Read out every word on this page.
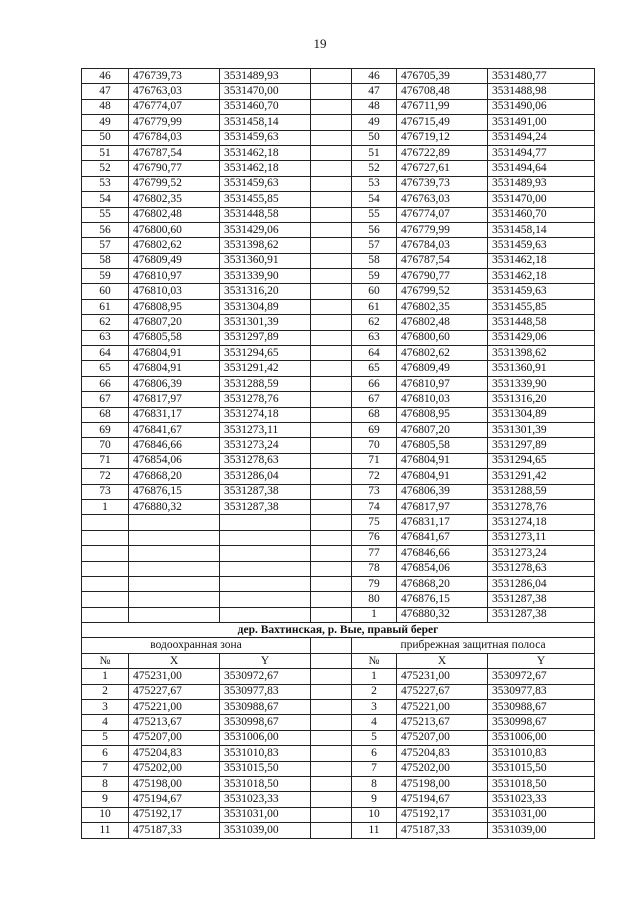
19
46	476739,73	3531489,93		46	476705,39	3531480,77
47	476763,03	3531470,00		47	476708,48	3531488,98
48	476774,07	3531460,70		48	476711,99	3531490,06
49	476779,99	3531458,14		49	476715,49	3531491,00
50	476784,03	3531459,63		50	476719,12	3531494,24
51	476787,54	3531462,18		51	476722,89	3531494,77
52	476790,77	3531462,18		52	476727,61	3531494,64
53	476799,52	3531459,63		53	476739,73	3531489,93
54	476802,35	3531455,85		54	476763,03	3531470,00
55	476802,48	3531448,58		55	476774,07	3531460,70
56	476800,60	3531429,06		56	476779,99	3531458,14
57	476802,62	3531398,62		57	476784,03	3531459,63
58	476809,49	3531360,91		58	476787,54	3531462,18
59	476810,97	3531339,90		59	476790,77	3531462,18
60	476810,03	3531316,20		60	476799,52	3531459,63
61	476808,95	3531304,89		61	476802,35	3531455,85
62	476807,20	3531301,39		62	476802,48	3531448,58
63	476805,58	3531297,89		63	476800,60	3531429,06
64	476804,91	3531294,65		64	476802,62	3531398,62
65	476804,91	3531291,42		65	476809,49	3531360,91
66	476806,39	3531288,59		66	476810,97	3531339,90
67	476817,97	3531278,76		67	476810,03	3531316,20
68	476831,17	3531274,18		68	476808,95	3531304,89
69	476841,67	3531273,11		69	476807,20	3531301,39
70	476846,66	3531273,24		70	476805,58	3531297,89
71	476854,06	3531278,63		71	476804,91	3531294,65
72	476868,20	3531286,04		72	476804,91	3531291,42
73	476876,15	3531287,38		73	476806,39	3531288,59
1	476880,32	3531287,38		74	476817,97	3531278,76
				75	476831,17	3531274,18
				76	476841,67	3531273,11
				77	476846,66	3531273,24
				78	476854,06	3531278,63
				79	476868,20	3531286,04
				80	476876,15	3531287,38
				1	476880,32	3531287,38
дер. Вахтинская, р. Вые, правый берег						
водоохранная зона				прибрежная защитная полоса		
№	X	Y		№	X	Y
1	475231,00	3530972,67		1	475231,00	3530972,67
2	475227,67	3530977,83		2	475227,67	3530977,83
3	475221,00	3530988,67		3	475221,00	3530988,67
4	475213,67	3530998,67		4	475213,67	3530998,67
5	475207,00	3531006,00		5	475207,00	3531006,00
6	475204,83	3531010,83		6	475204,83	3531010,83
7	475202,00	3531015,50		7	475202,00	3531015,50
8	475198,00	3531018,50		8	475198,00	3531018,50
9	475194,67	3531023,33		9	475194,67	3531023,33
10	475192,17	3531031,00		10	475192,17	3531031,00
11	475187,33	3531039,00		11	475187,33	3531039,00
